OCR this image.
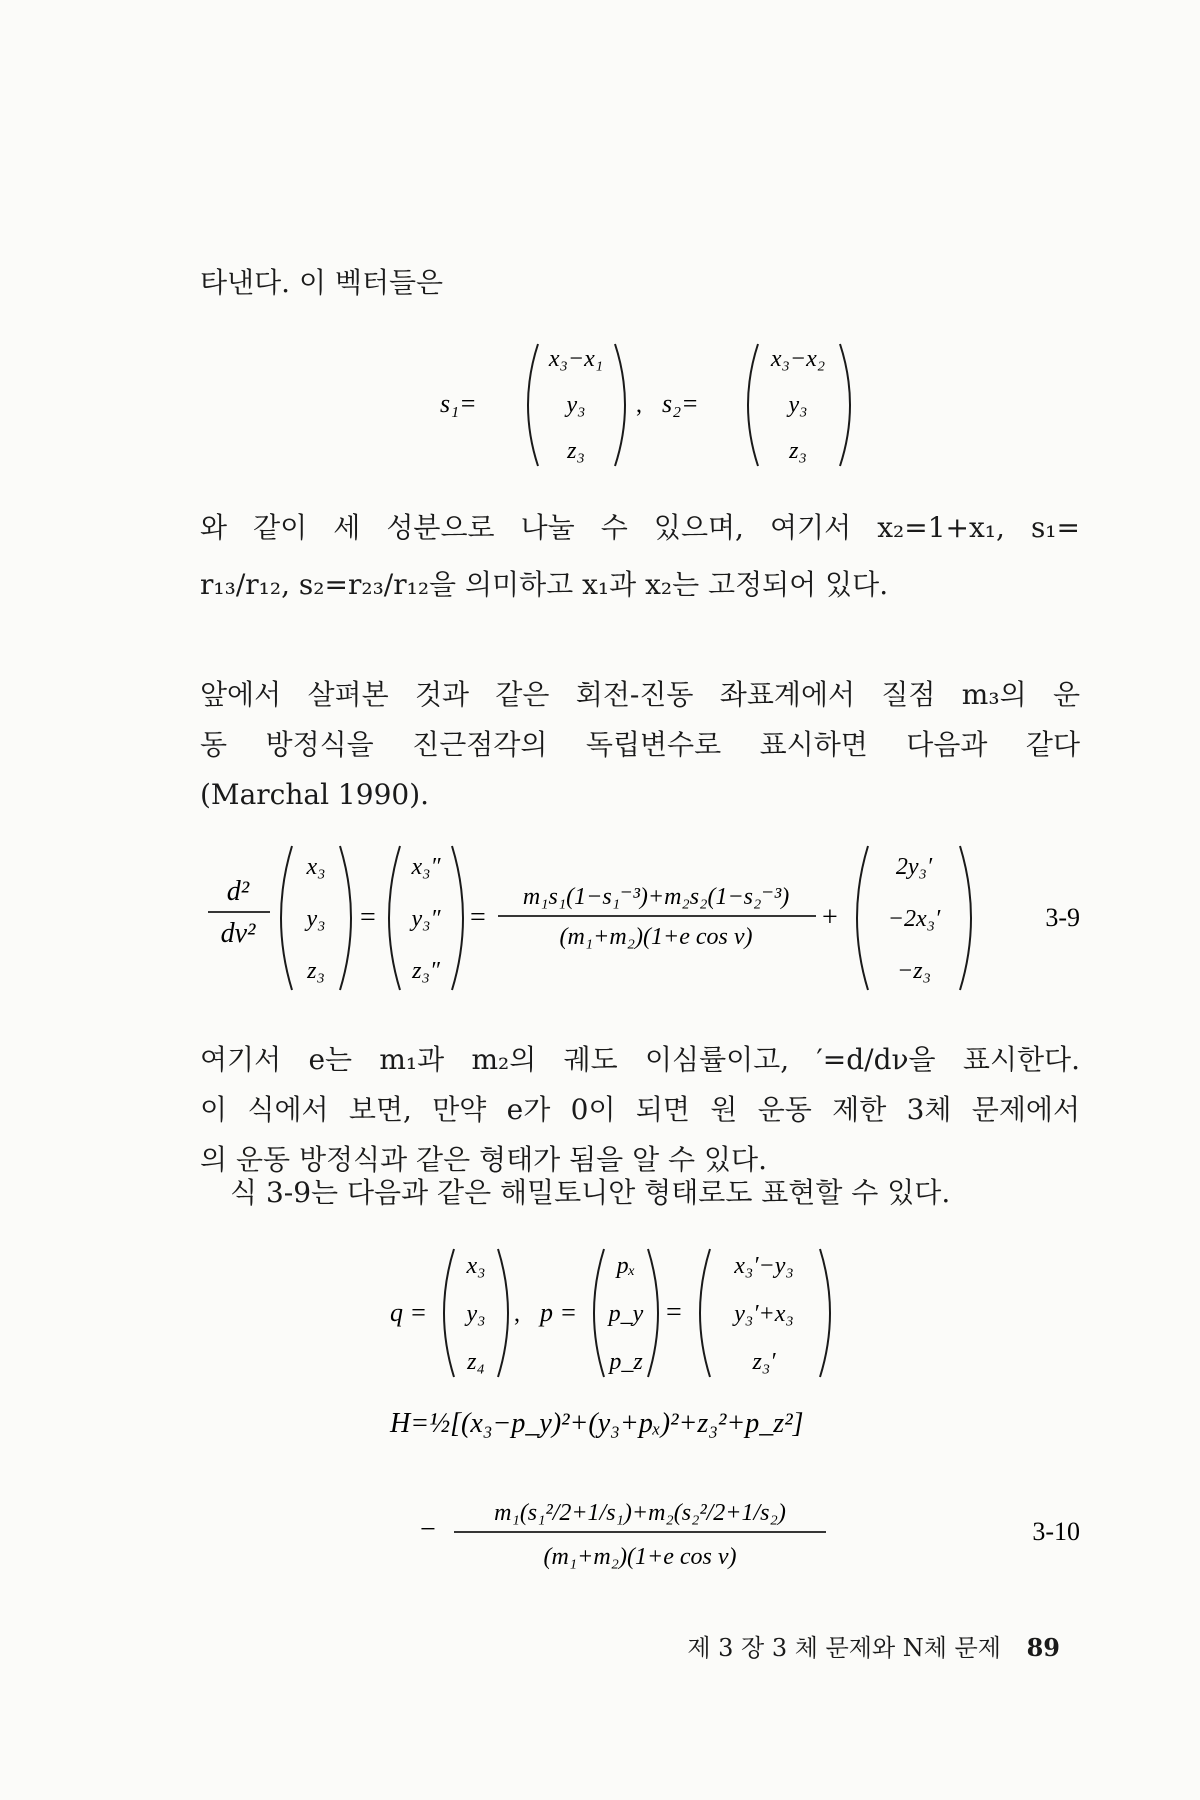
타낸다. 이 벡터들은
s₁=
x₃−x₁
y₃
z₃
, s₂=
x₃−x₂
y₃
z₃
와 같이 세 성분으로 나눌 수 있으며, 여기서 x₂=1+x₁, s₁=
r₁₃/r₁₂, s₂=r₂₃/r₁₂을 의미하고 x₁과 x₂는 고정되어 있다.
앞에서 살펴본 것과 같은 회전-진동 좌표계에서 질점 m₃의 운
동 방정식을 진근점각의 독립변수로 표시하면 다음과 같다
(Marchal 1990).
d²
dν²
x₃
y₃
z₃
=
x₃″
y₃″
z₃″
=
m₁s₁(1−s₁⁻³)+m₂s₂(1−s₂⁻³)
(m₁+m₂)(1+e cos ν)
+
2y₃′
−2x₃′
−z₃
3-9
여기서 e는 m₁과 m₂의 궤도 이심률이고, ′=d/dν을 표시한다.
이 식에서 보면, 만약 e가 0이 되면 원 운동 제한 3체 문제에서
의 운동 방정식과 같은 형태가 됨을 알 수 있다.
식 3-9는 다음과 같은 해밀토니안 형태로도 표현할 수 있다.
q =
x₃
y₃
z₄
, p =
pₓ
p_y
p_z
=
x₃′−y₃
y₃′+x₃
z₃′
H=½[(x₃−p_y)²+(y₃+pₓ)²+z₃²+p_z²]
−
m₁(s₁²/2+1/s₁)+m₂(s₂²/2+1/s₂)
(m₁+m₂)(1+e cos ν)
3-10
제 3 장 3 체 문제와 N체 문제 89
